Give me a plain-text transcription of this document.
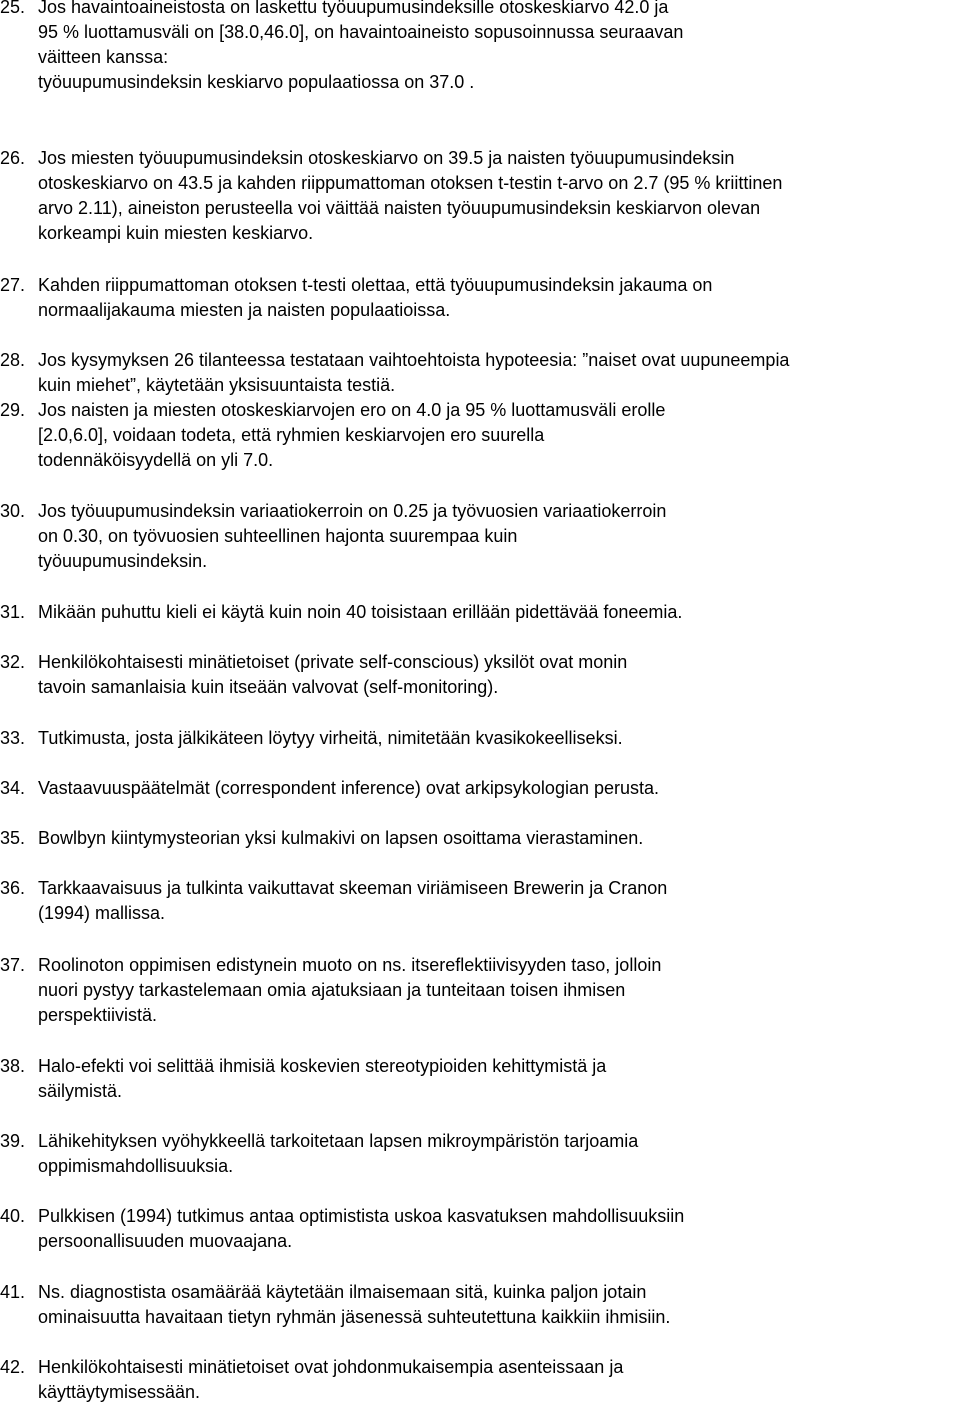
25. Jos havaintoaineistosta on laskettu työuupumusindeksille otoskeskiarvo 42.0 ja
95 % luottamusväli on [38.0,46.0], on havaintoaineisto sopusoinnussa seuraavan
väitteen kanssa:
työuupumusindeksin keskiarvo populaatiossa on 37.0 .
26. Jos miesten työuupumusindeksin otoskeskiarvo on 39.5 ja naisten työuupumusindeksin
otoskeskiarvo on 43.5 ja kahden riippumattoman otoksen t-testin t-arvo on 2.7 (95 % kriittinen
arvo 2.11), aineiston perusteella voi väittää naisten työuupumusindeksin keskiarvon olevan
korkeampi kuin miesten keskiarvo.
27. Kahden riippumattoman otoksen t-testi olettaa, että työuupumusindeksin jakauma on
normaalijakauma miesten ja naisten populaatioissa.
28. Jos kysymyksen 26 tilanteessa testataan vaihtoehtoista hypoteesia: ”naiset ovat uupuneempia
kuin miehet”, käytetään yksisuuntaista testiä.
29. Jos naisten ja miesten otoskeskiarvojen ero on 4.0 ja 95 % luottamusväli erolle
[2.0,6.0], voidaan todeta, että ryhmien keskiarvojen ero suurella
todennäköisyydellä on yli 7.0.
30. Jos työuupumusindeksin variaatiokerroin on 0.25 ja työvuosien variaatiokerroin
on 0.30, on työvuosien suhteellinen hajonta suurempaa kuin
työuupumusindeksin.
31. Mikään puhuttu kieli ei käytä kuin noin 40 toisistaan erillään pidettävää foneemia.
32. Henkilökohtaisesti minätietoiset (private self-conscious) yksilöt ovat monin
tavoin samanlaisia kuin itseään valvovat (self-monitoring).
33. Tutkimusta, josta jälkikäteen löytyy virheitä, nimitetään kvasikokeelliseksi.
34. Vastaavuuspäätelmät (correspondent inference) ovat arkipsykologian perusta.
35. Bowlbyn kiintymysteorian yksi kulmakivi on lapsen osoittama vierastaminen.
36. Tarkkaavaisuus ja tulkinta vaikuttavat skeeman viriämiseen Brewerin ja Cranon
(1994) mallissa.
37. Roolinoton oppimisen edistynein muoto on ns. itsereflektiivisyyden taso, jolloin
nuori pystyy tarkastelemaan omia ajatuksiaan ja tunteitaan toisen ihmisen
perspektiivistä.
38. Halo-efekti voi selittää ihmisiä koskevien stereotypioiden kehittymistä ja
säilymistä.
39. Lähikehityksen vyöhykkeellä tarkoitetaan lapsen mikroympäristön tarjoamia
oppimismahdollisuuksia.
40. Pulkkisen (1994) tutkimus antaa optimistista uskoa kasvatuksen mahdollisuuksiin
persoonallisuuden muovaajana.
41. Ns. diagnostista osamäärää käytetään ilmaisemaan sitä, kuinka paljon jotain
ominaisuutta havaitaan tietyn ryhmän jäsenessä suhteutettuna kaikkiin ihmisiin.
42. Henkilökohtaisesti minätietoiset ovat johdonmukaisempia asenteissaan ja
käyttäytymisessään.
